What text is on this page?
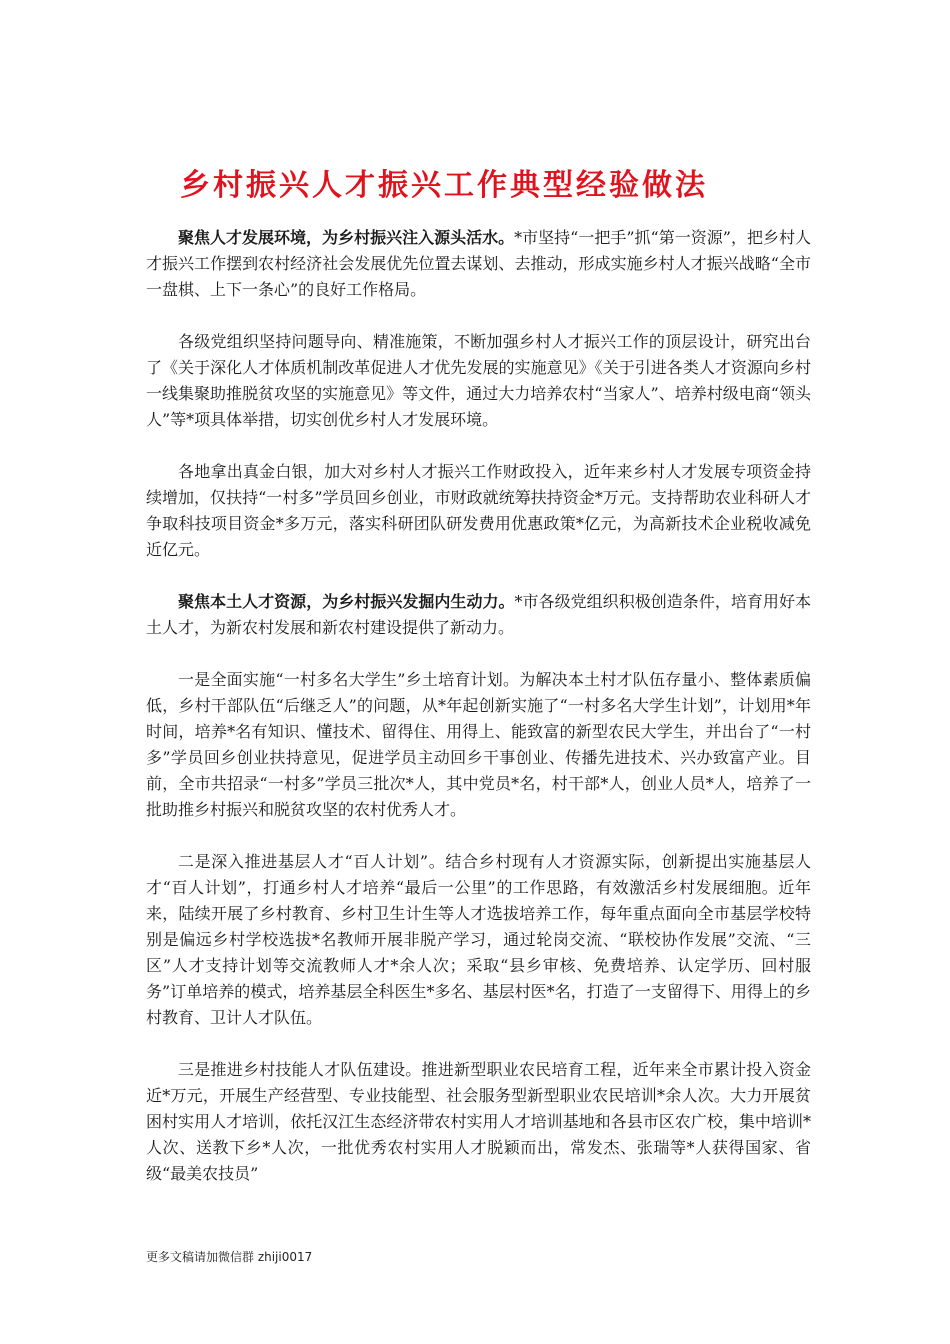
乡村振兴人才振兴工作典型经验做法

聚焦人才发展环境，为乡村振兴注入源头活水。*市坚持“一把手”抓“第一资源”，把乡村人才振兴工作摆到农村经济社会发展优先位置去谋划、去推动，形成实施乡村人才振兴战略“全市一盘棋、上下一条心”的良好工作格局。

各级党组织坚持问题导向、精准施策，不断加强乡村人才振兴工作的顶层设计，研究出台了《关于深化人才体质机制改革促进人才优先发展的实施意见》《关于引进各类人才资源向乡村一线集聚助推脱贫攻坚的实施意见》等文件，通过大力培养农村“当家人”、培养村级电商“领头人”等*项具体举措，切实创优乡村人才发展环境。

各地拿出真金白银，加大对乡村人才振兴工作财政投入，近年来乡村人才发展专项资金持续增加，仅扶持“一村多”学员回乡创业，市财政就统筹扶持资金*万元。支持帮助农业科研人才争取科技项目资金*多万元，落实科研团队研发费用优惠政策*亿元，为高新技术企业税收减免近亿元。

聚焦本土人才资源，为乡村振兴发掘内生动力。*市各级党组织积极创造条件，培育用好本土人才，为新农村发展和新农村建设提供了新动力。

一是全面实施“一村多名大学生”乡土培育计划。为解决本土村才队伍存量小、整体素质偏低，乡村干部队伍“后继乏人”的问题，从*年起创新实施了“一村多名大学生计划”，计划用*年时间，培养*名有知识、懂技术、留得住、用得上、能致富的新型农民大学生，并出台了“一村多”学员回乡创业扶持意见，促进学员主动回乡干事创业、传播先进技术、兴办致富产业。目前，全市共招录“一村多”学员三批次*人，其中党员*名，村干部*人，创业人员*人，培养了一批助推乡村振兴和脱贫攻坚的农村优秀人才。

二是深入推进基层人才“百人计划”。结合乡村现有人才资源实际，创新提出实施基层人才“百人计划”，打通乡村人才培养“最后一公里”的工作思路，有效激活乡村发展细胞。近年来，陆续开展了乡村教育、乡村卫生计生等人才选拔培养工作，每年重点面向全市基层学校特别是偏远乡村学校选拔*名教师开展非脱产学习，通过轮岗交流、“联校协作发展”交流、“三区”人才支持计划等交流教师人才*余人次；采取“县乡审核、免费培养、认定学历、回村服务”订单培养的模式，培养基层全科医生*多名、基层村医*名，打造了一支留得下、用得上的乡村教育、卫计人才队伍。

三是推进乡村技能人才队伍建设。推进新型职业农民培育工程，近年来全市累计投入资金近*万元，开展生产经营型、专业技能型、社会服务型新型职业农民培训*余人次。大力开展贫困村实用人才培训，依托汉江生态经济带农村实用人才培训基地和各县市区农广校，集中培训*人次、送教下乡*人次，一批优秀农村实用人才脱颖而出，常发杰、张瑞等*人获得国家、省级“最美农技员”

更多文稿请加微信群 zhiji0017
